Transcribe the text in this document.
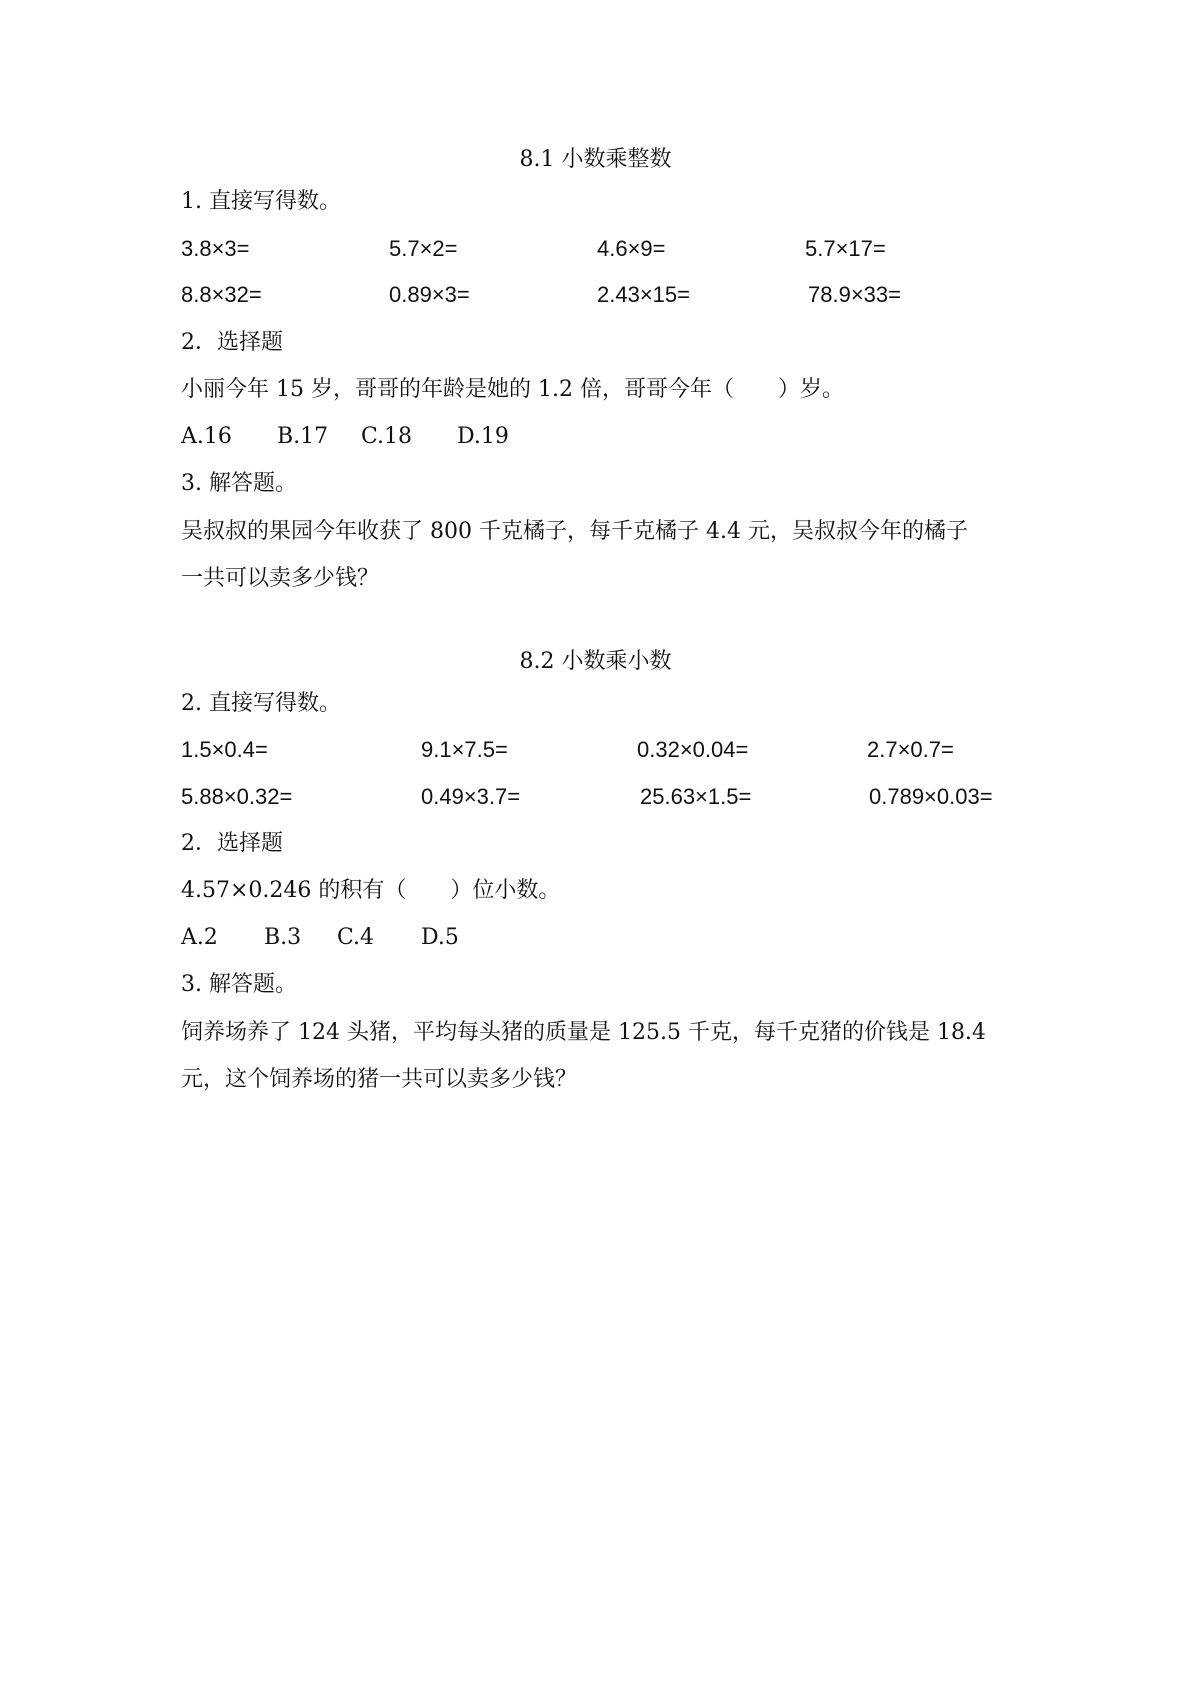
8.1 小数乘整数
1. 直接写得数。
3.8×3=	5.7×2=	4.6×9=	5.7×17=
8.8×32=	0.89×3=	2.43×15=	78.9×33=
2．选择题
小丽今年 15 岁，哥哥的年龄是她的 1.2 倍，哥哥今年（　　）岁。
A.16 B.17 C.18 D.19
3. 解答题。
吴叔叔的果园今年收获了 800 千克橘子，每千克橘子 4.4 元，吴叔叔今年的橘子
一共可以卖多少钱？
8.2 小数乘小数
2. 直接写得数。
1.5×0.4=	9.1×7.5=	0.32×0.04=	2.7×0.7=
5.88×0.32=	0.49×3.7=	25.63×1.5=	0.789×0.03=
2．选择题
4.57×0.246 的积有（　　）位小数。
A.2 B.3 C.4 D.5
3. 解答题。
饲养场养了 124 头猪，平均每头猪的质量是 125.5 千克，每千克猪的价钱是 18.4
元，这个饲养场的猪一共可以卖多少钱？
